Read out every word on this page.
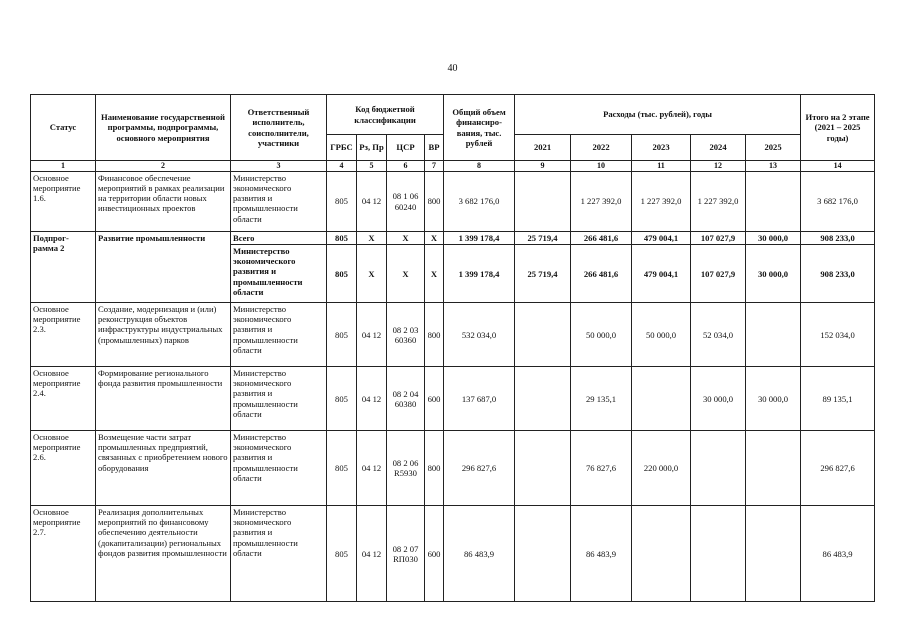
40
Статус	Наименование государственной программы, подпрограммы, основного мероприятия	Ответственный исполнитель, соисполнители, участники	Код бюджетной классификации				Общий объем финансиро-вания, тыс. рублей	Расходы (тыс. рублей), годы					Итого на 2 этапе (2021 – 2025 годы)
			ГРБС	Рз, Пр	ЦСР	ВР		2021	2022	2023	2024	2025	
1	2	3	4	5	6	7	8	9	10	11	12	13	14
Основное мероприятие 1.6.	Финансовое обеспечение мероприятий в рамках реализации на территории области новых инвестиционных проектов	Министерство экономического развития и промышленности области	805	04 12	08 1 06 60240	800	3 682 176,0		1 227 392,0	1 227 392,0	1 227 392,0		3 682 176,0
Подпрог-рамма 2	Развитие промышленности	Всего	805	X	X	X	1 399 178,4	25 719,4	266 481,6	479 004,1	107 027,9	30 000,0	908 233,0
		Министерство экономического развития и промышленности области	805	X	X	X	1 399 178,4	25 719,4	266 481,6	479 004,1	107 027,9	30 000,0	908 233,0
Основное мероприятие 2.3.	Создание, модернизация и (или) реконструкция объектов инфраструктуры индустриальных (промышленных) парков	Министерство экономического развития и промышленности области	805	04 12	08 2 03 60360	800	532 034,0		50 000,0	50 000,0	52 034,0		152 034,0
Основное мероприятие 2.4.	Формирование регионального фонда развития промышленности	Министерство экономического развития и промышленности области	805	04 12	08 2 04 60380	600	137 687,0		29 135,1		30 000,0	30 000,0	89 135,1
Основное мероприятие 2.6.	Возмещение части затрат промышленных предприятий, связанных с приобретением нового оборудования	Министерство экономического развития и промышленности области	805	04 12	08 2 06 R5930	800	296 827,6		76 827,6	220 000,0			296 827,6
Основное мероприятие 2.7.	Реализация дополнительных мероприятий по финансовому обеспечению деятельности (докапитализации) региональных фондов развития промышленности	Министерство экономического развития и промышленности области	805	04 12	08 2 07 RП030	600	86 483,9		86 483,9				86 483,9
